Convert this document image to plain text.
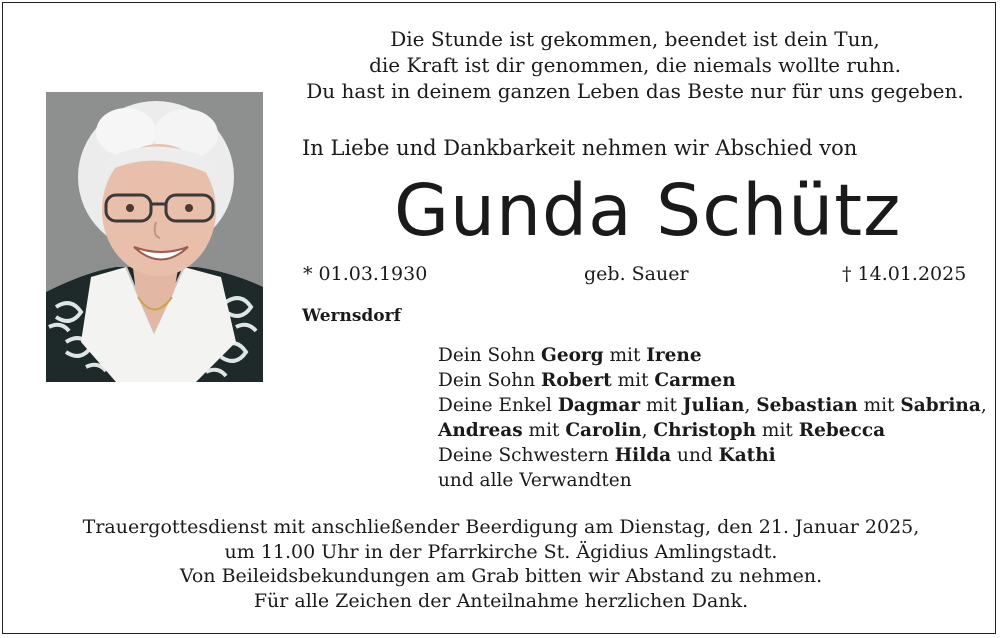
Die Stunde ist gekommen, beendet ist dein Tun,
die Kraft ist dir genommen, die niemals wollte ruhn.
Du hast in deinem ganzen Leben das Beste nur für uns gegeben.
In Liebe und Dankbarkeit nehmen wir Abschied von
Gunda Schütz
* 01.03.1930	geb. Sauer	† 14.01.2025
Wernsdorf
Dein Sohn Georg mit Irene
Dein Sohn Robert mit Carmen
Deine Enkel Dagmar mit Julian, Sebastian mit Sabrina,
Andreas mit Carolin, Christoph mit Rebecca
Deine Schwestern Hilda und Kathi
und alle Verwandten
Trauergottesdienst mit anschließender Beerdigung am Dienstag, den 21. Januar 2025,
um 11.00 Uhr in der Pfarrkirche St. Ägidius Amlingstadt.
Von Beileidsbekundungen am Grab bitten wir Abstand zu nehmen.
Für alle Zeichen der Anteilnahme herzlichen Dank.
